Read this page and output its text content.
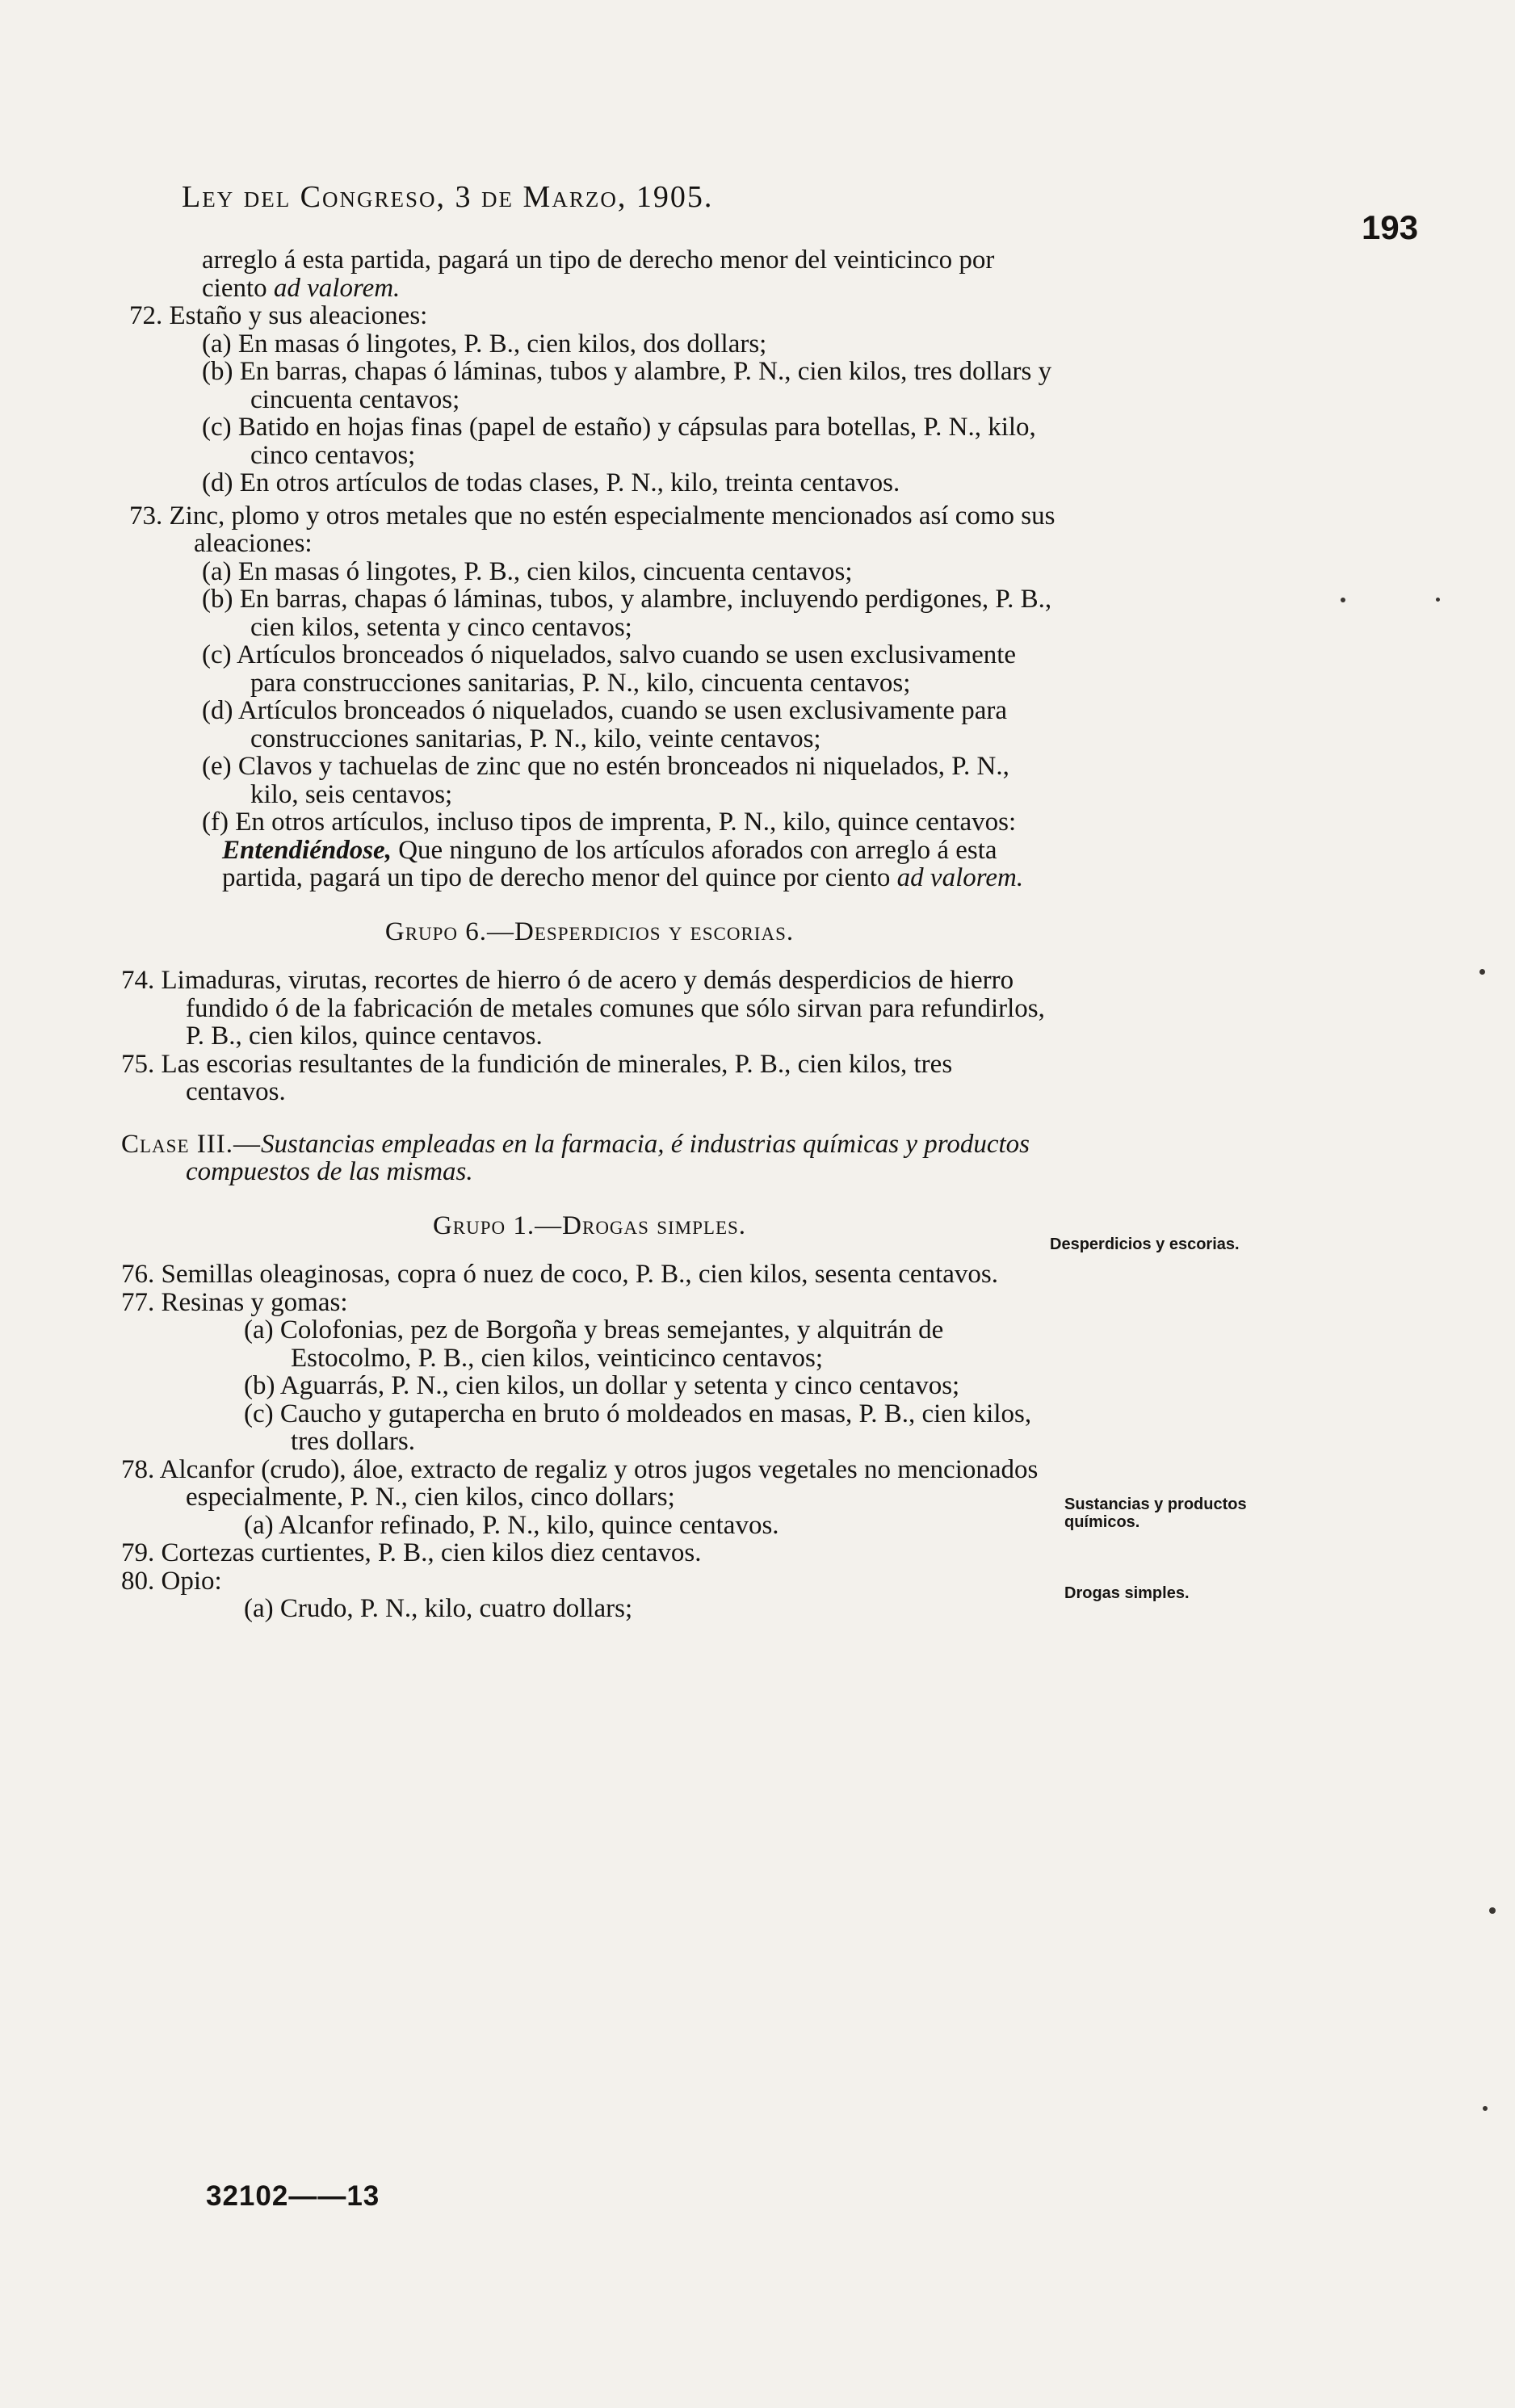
Ley del Congreso, 3 de Marzo, 1905.
193

arreglo á esta partida, pagará un tipo de derecho menor del veinticinco por ciento ad valorem.

72. Estaño y sus aleaciones:

(a) En masas ó lingotes, P. B., cien kilos, dos dollars;

(b) En barras, chapas ó láminas, tubos y alambre, P. N., cien kilos, tres dollars y cincuenta centavos;

(c) Batido en hojas finas (papel de estaño) y cápsulas para botellas, P. N., kilo, cinco centavos;

(d) En otros artículos de todas clases, P. N., kilo, treinta centavos.

73. Zinc, plomo y otros metales que no estén especialmente mencionados así como sus aleaciones:

(a) En masas ó lingotes, P. B., cien kilos, cincuenta centavos;

(b) En barras, chapas ó láminas, tubos, y alambre, incluyendo perdigones, P. B., cien kilos, setenta y cinco centavos;

(c) Artículos bronceados ó niquelados, salvo cuando se usen exclusivamente para construcciones sanitarias, P. N., kilo, cincuenta centavos;

(d) Artículos bronceados ó niquelados, cuando se usen exclusivamente para construcciones sanitarias, P. N., kilo, veinte centavos;

(e) Clavos y tachuelas de zinc que no estén bronceados ni niquelados, P. N., kilo, seis centavos;

(f) En otros artículos, incluso tipos de imprenta, P. N., kilo, quince centavos:

Entendiéndose, Que ninguno de los artículos aforados con arreglo á esta partida, pagará un tipo de derecho menor del quince por ciento ad valorem.

Grupo 6.—Desperdicios y escorias.

74. Limaduras, virutas, recortes de hierro ó de acero y demás desperdicios de hierro fundido ó de la fabricación de metales comunes que sólo sirvan para refundirlos, P. B., cien kilos, quince centavos.

75. Las escorias resultantes de la fundición de minerales, P. B., cien kilos, tres centavos.

Clase III.—Sustancias empleadas en la farmacia, é industrias químicas y productos compuestos de las mismas.

Grupo 1.—Drogas simples.

76. Semillas oleaginosas, copra ó nuez de coco, P. B., cien kilos, sesenta centavos.

77. Resinas y gomas:

(a) Colofonias, pez de Borgoña y breas semejantes, y alquitrán de Estocolmo, P. B., cien kilos, veinticinco centavos;

(b) Aguarrás, P. N., cien kilos, un dollar y setenta y cinco centavos;

(c) Caucho y gutapercha en bruto ó moldeados en masas, P. B., cien kilos, tres dollars.

78. Alcanfor (crudo), áloe, extracto de regaliz y otros jugos vegetales no mencionados especialmente, P. N., cien kilos, cinco dollars;

(a) Alcanfor refinado, P. N., kilo, quince centavos.

79. Cortezas curtientes, P. B., cien kilos diez centavos.

80. Opio:

(a) Crudo, P. N., kilo, cuatro dollars;

Desperdicios y escorias.
Sustancias y productos químicos.
Drogas simples.
32102——13
